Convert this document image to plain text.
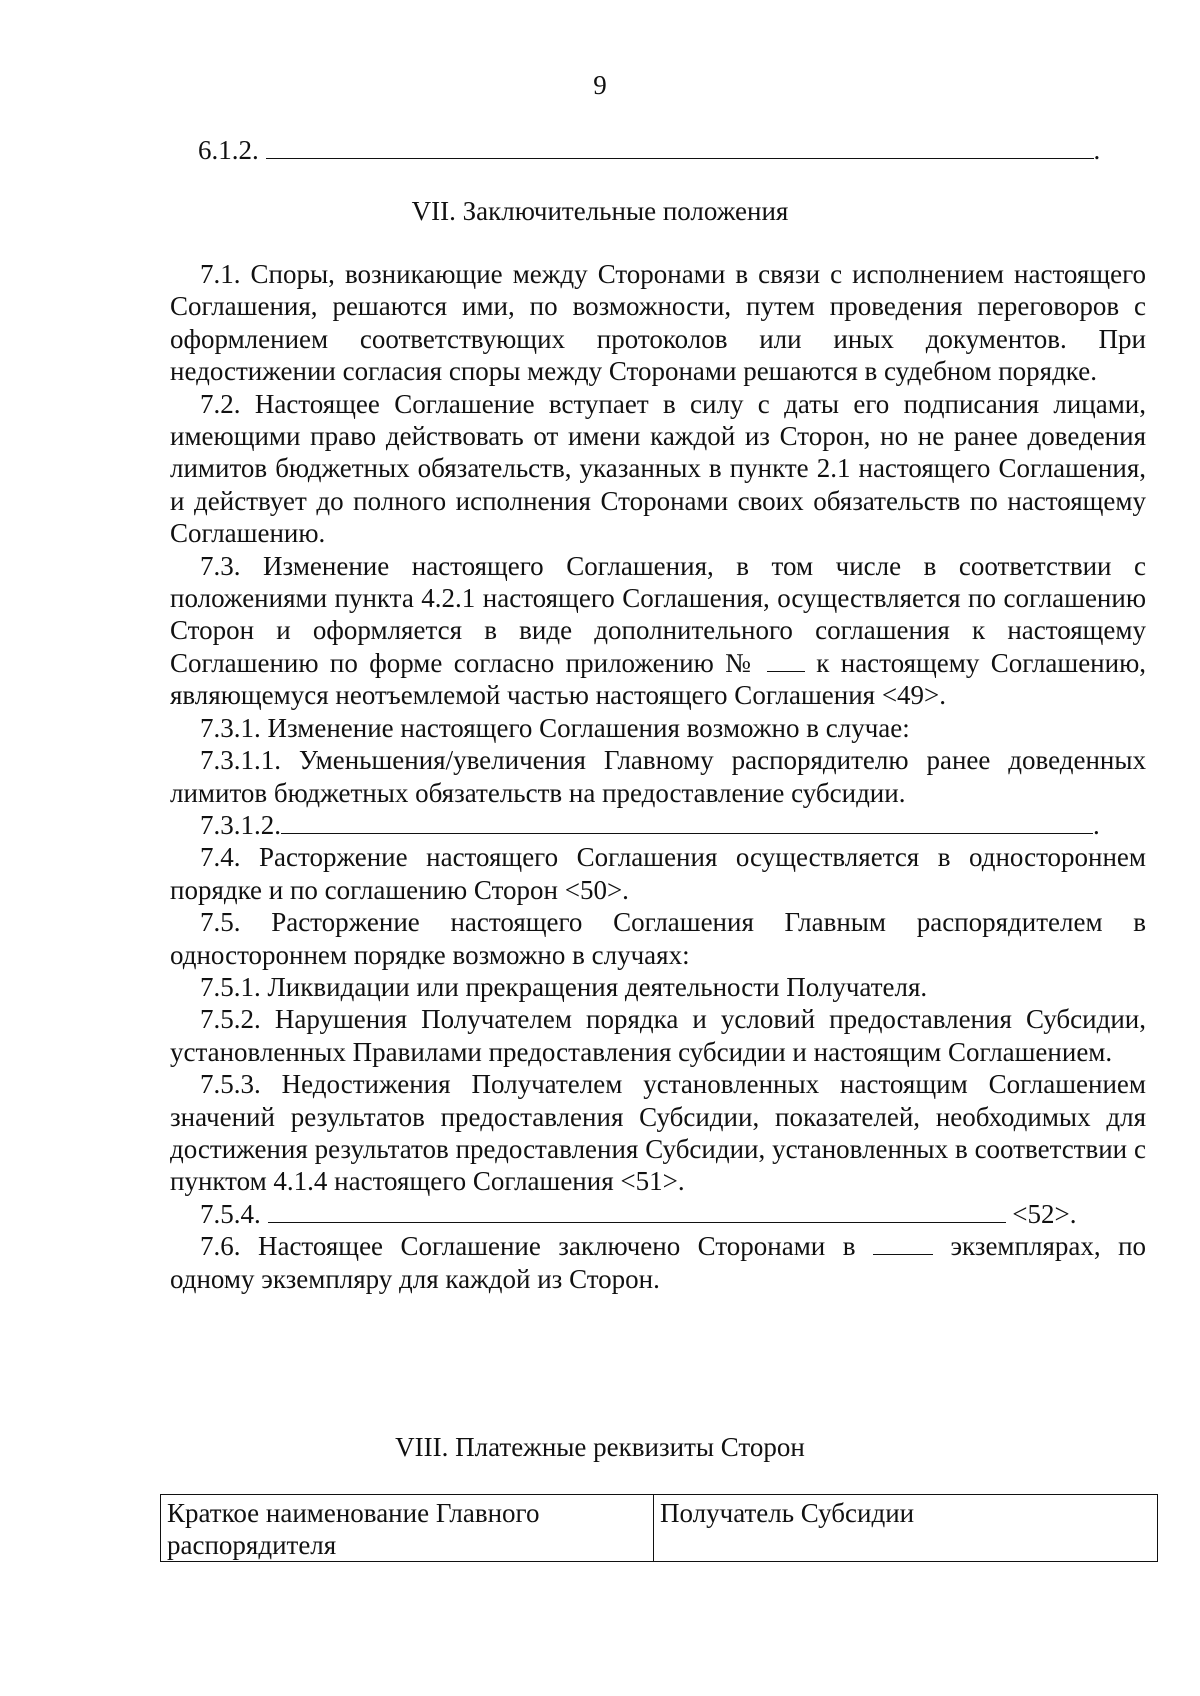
9
6.1.2.	.
VII. Заключительные положения

7.1. Споры, возникающие между Сторонами в связи с исполнением настоящего Соглашения, решаются ими, по возможности, путем проведения переговоров с оформлением соответствующих протоколов или иных документов. При недостижении согласия споры между Сторонами решаются в судебном порядке.

7.2. Настоящее Соглашение вступает в силу с даты его подписания лицами, имеющими право действовать от имени каждой из Сторон, но не ранее доведения лимитов бюджетных обязательств, указанных в пункте 2.1 настоящего Соглашения, и действует до полного исполнения Сторонами своих обязательств по настоящему Соглашению.

7.3. Изменение настоящего Соглашения, в том числе в соответствии с положениями пункта 4.2.1 настоящего Соглашения, осуществляется по соглашению Сторон и оформляется в виде дополнительного соглашения к настоящему Соглашению по форме согласно приложению № к настоящему Соглашению, являющемуся неотъемлемой частью настоящего Соглашения <49>.

7.3.1. Изменение настоящего Соглашения возможно в случае:

7.3.1.1. Уменьшения/увеличения Главному распорядителю ранее доведенных лимитов бюджетных обязательств на предоставление субсидии.

7.3.1.2.	.

7.4. Расторжение настоящего Соглашения осуществляется в одностороннем порядке и по соглашению Сторон <50>.

7.5. Расторжение настоящего Соглашения Главным распорядителем в одностороннем порядке возможно в случаях:

7.5.1. Ликвидации или прекращения деятельности Получателя.

7.5.2. Нарушения Получателем порядка и условий предоставления Субсидии, установленных Правилами предоставления субсидии и настоящим Соглашением.

7.5.3. Недостижения Получателем установленных настоящим Соглашением значений результатов предоставления Субсидии, показателей, необходимых для достижения результатов предоставления Субсидии, установленных в соответствии с пунктом 4.1.4 настоящего Соглашения <51>.

7.5.4.	<52>.

7.6. Настоящее Соглашение заключено Сторонами в	экземплярах, по одному экземпляру для каждой из Сторон.

VIII. Платежные реквизиты Сторон
Краткое наименование Главного распорядителя	Получатель Субсидии
